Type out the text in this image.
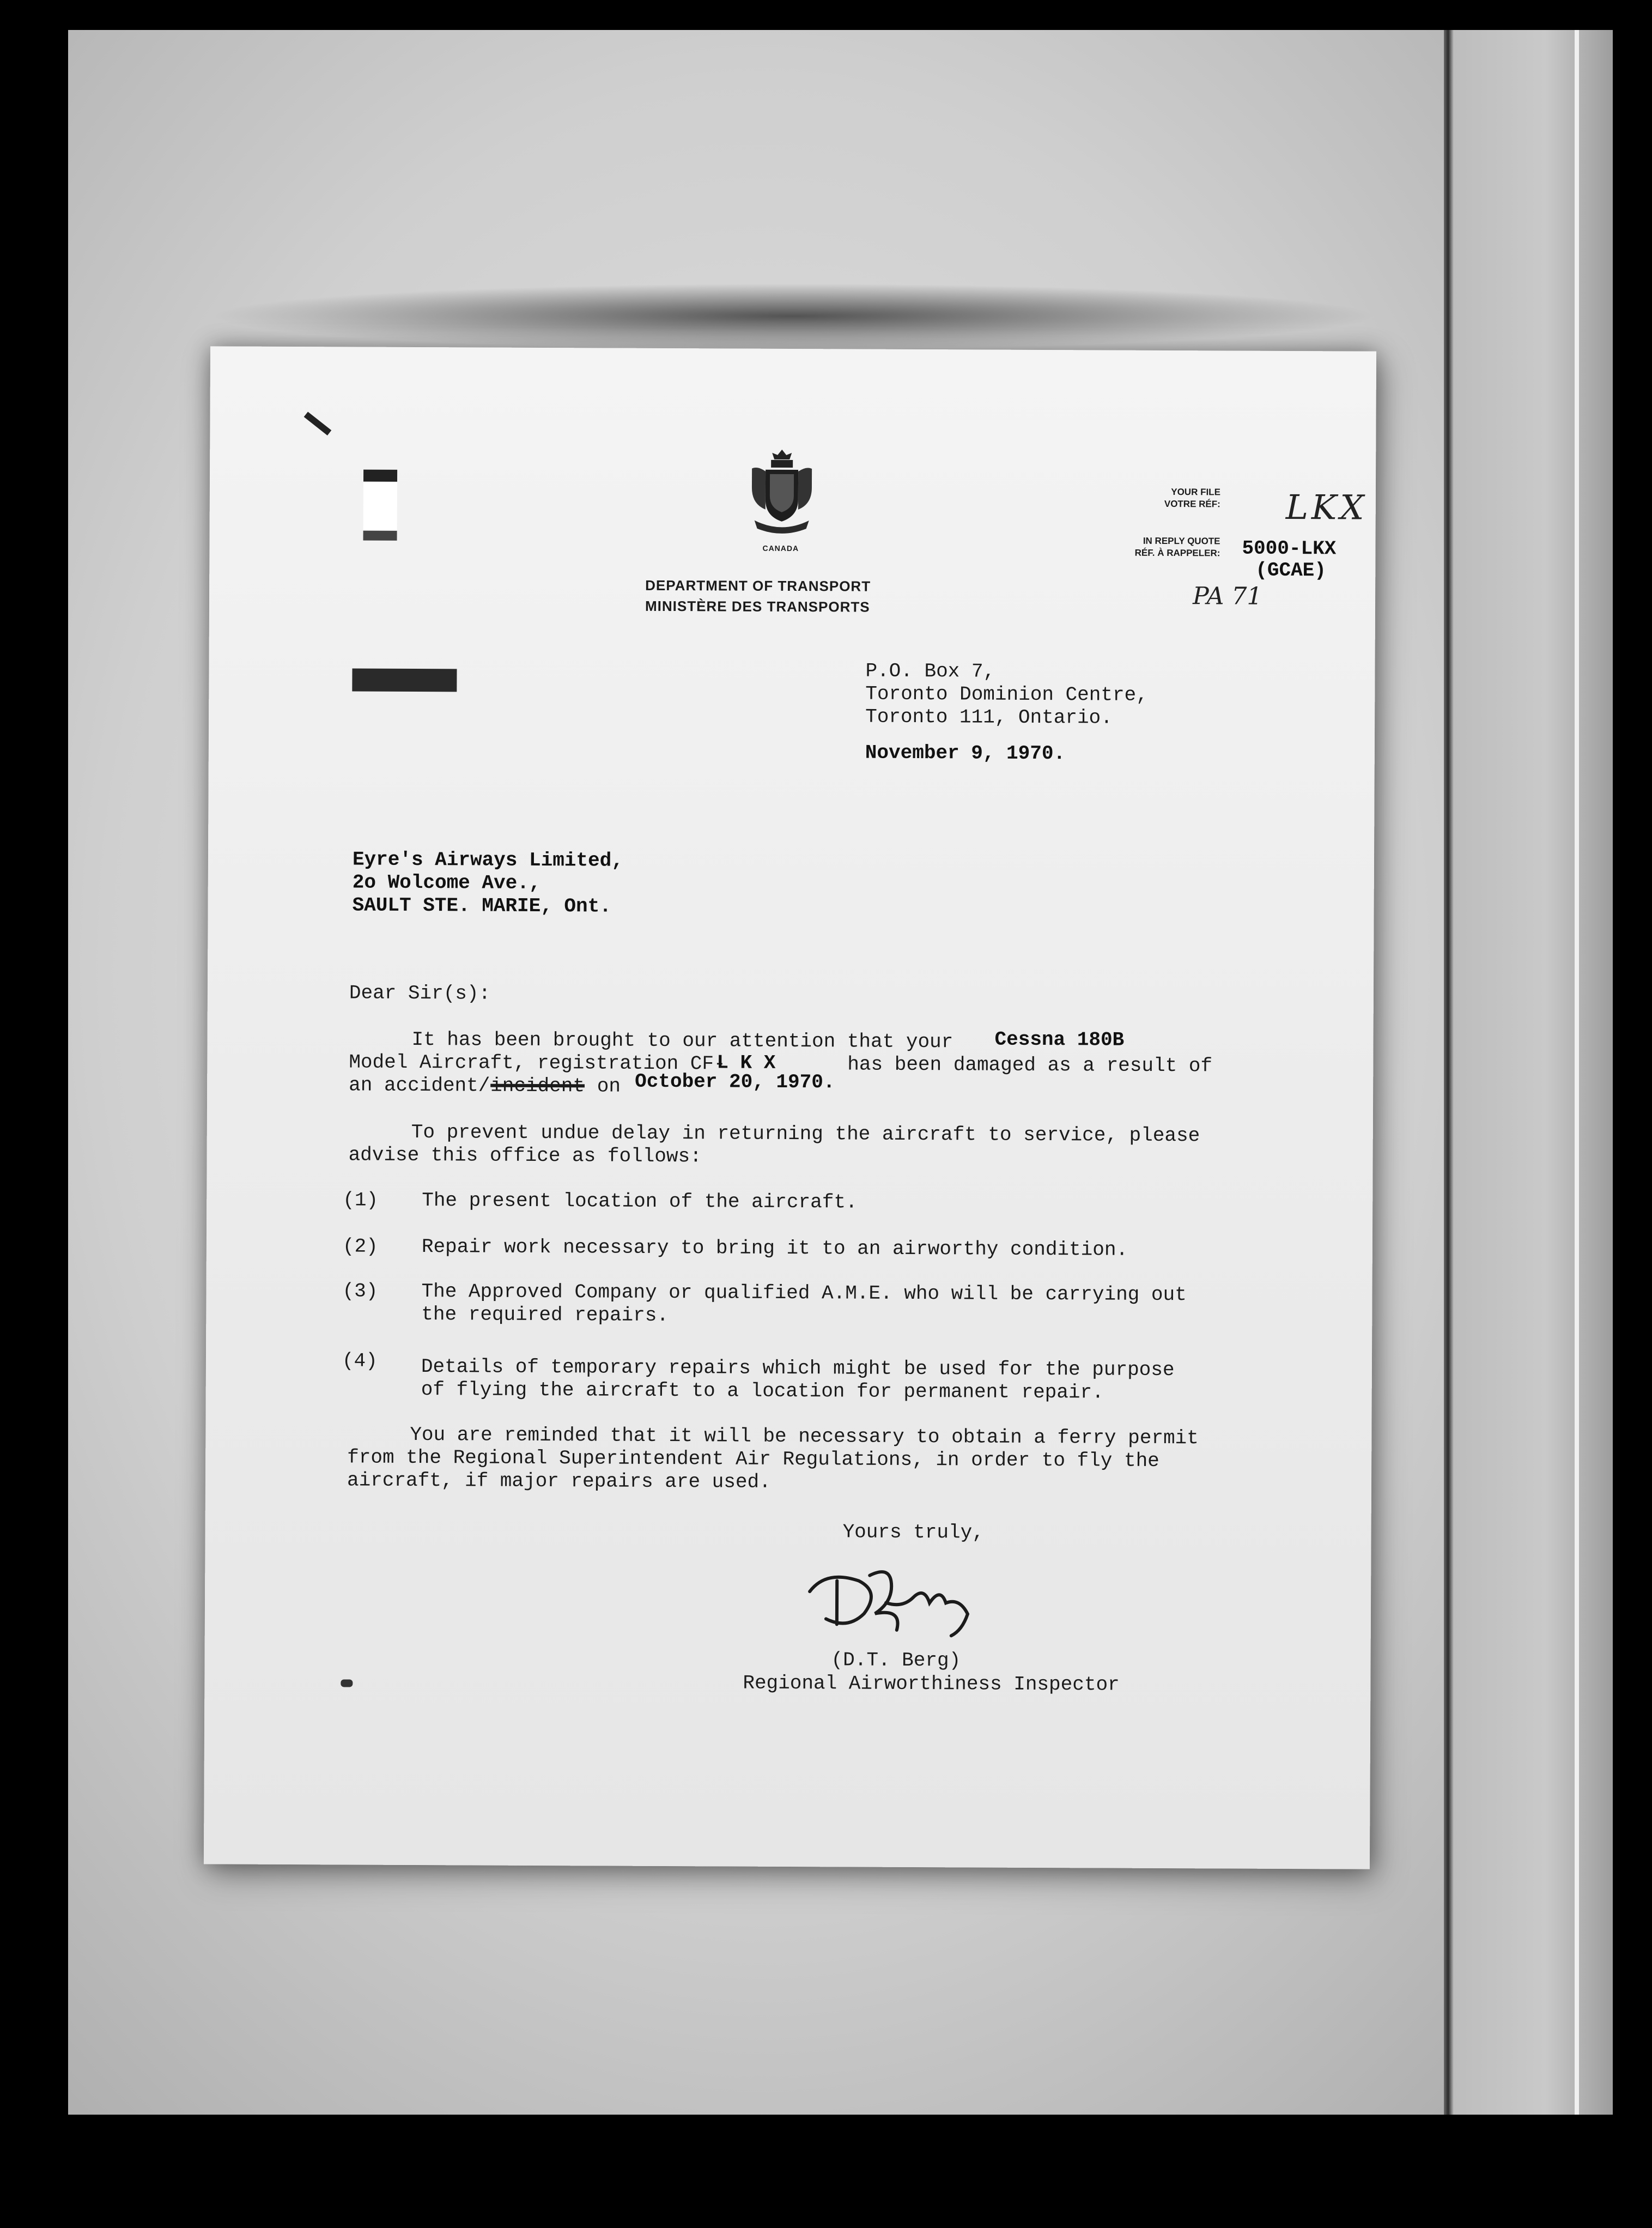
CANADA
DEPARTMENT OF TRANSPORT
MINISTÈRE DES TRANSPORTS
YOUR FILE
VOTRE RÉF:
IN REPLY QUOTE
RÉF. À RAPPELER:
LKX
5000-LKX
(GCAE)
PA 71
P.O. Box 7,
Toronto Dominion Centre,
Toronto 111, Ontario.
November 9, 1970.
Eyre's Airways Limited,
2o Wolcome Ave.,
SAULT STE. MARIE, Ont.
Dear Sir(s):
It has been brought to our attention that your Cessna 180B
Model Aircraft, registration CF-
L K X	has been damaged as a result of
an accident/ incident on October 20, 1970.
To prevent undue delay in returning the aircraft to service, please
advise this office as follows:
(1) The present location of the aircraft.
(2) Repair work necessary to bring it to an airworthy condition.
(3) The Approved Company or qualified A.M.E. who will be carrying out
the required repairs.
(4) Details of temporary repairs which might be used for the purpose
of flying the aircraft to a location for permanent repair.
You are reminded that it will be necessary to obtain a ferry permit
from the Regional Superintendent Air Regulations, in order to fly the
aircraft, if major repairs are used.
Yours truly,
(D.T. Berg)
Regional Airworthiness Inspector
